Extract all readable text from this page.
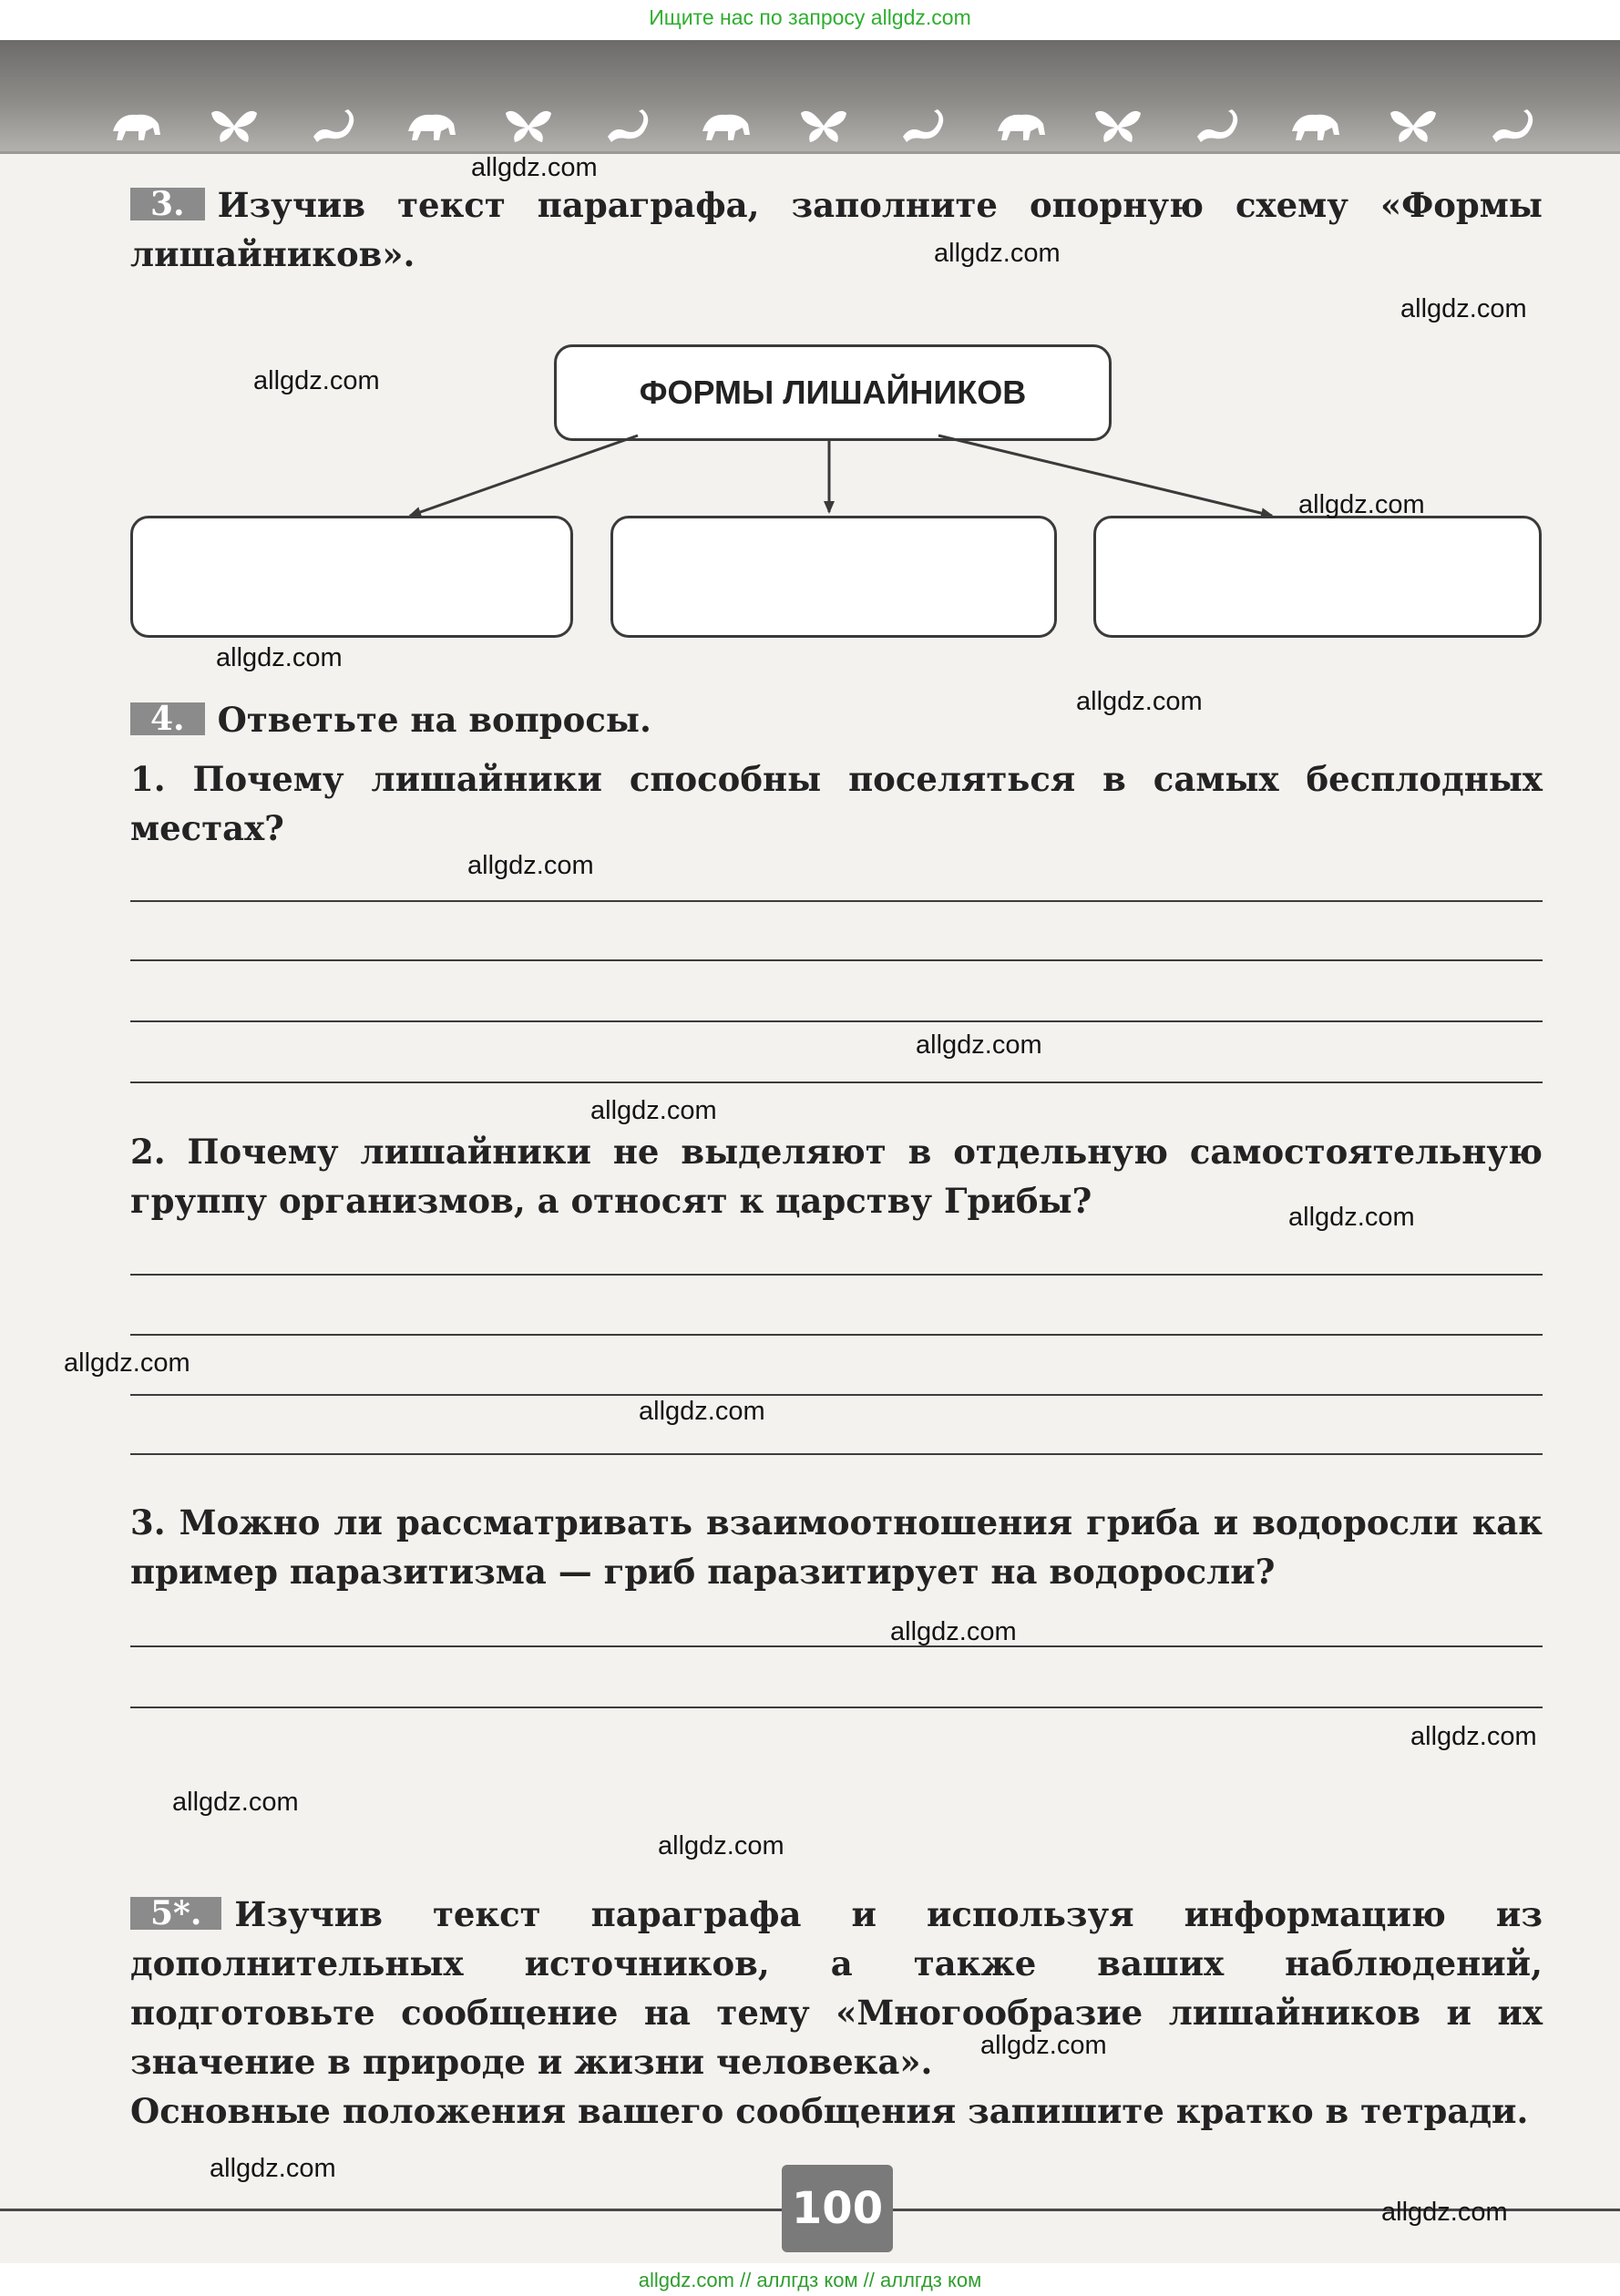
Ищите нас по запросу allgdz.com
3. Изучив текст параграфа, заполните опорную схему «Формы лишайников».
ФОРМЫ ЛИШАЙНИКОВ
4. Ответьте на вопросы.
1. Почему лишайники способны поселяться в самых бесплодных местах?
2. Почему лишайники не выделяют в отдельную самостоятельную группу организмов, а относят к царству Грибы?
3. Можно ли рассматривать взаимоотношения гриба и водоросли как пример паразитизма — гриб паразитирует на водоросли?
5*. Изучив текст параграфа и используя информацию из дополнительных источников, а также ваших наблюдений, подготовьте сообщение на тему «Многообразие лишайников и их значение в природе и жизни человека».
Основные положения вашего сообщения запишите кратко в тетради.
100
allgdz.com
allgdz.com
allgdz.com
allgdz.com
allgdz.com
allgdz.com
allgdz.com
allgdz.com
allgdz.com
allgdz.com
allgdz.com
allgdz.com
allgdz.com
allgdz.com
allgdz.com
allgdz.com
allgdz.com
allgdz.com
allgdz.com
allgdz.com
allgdz.com // аллгдз ком // аллгдз ком
